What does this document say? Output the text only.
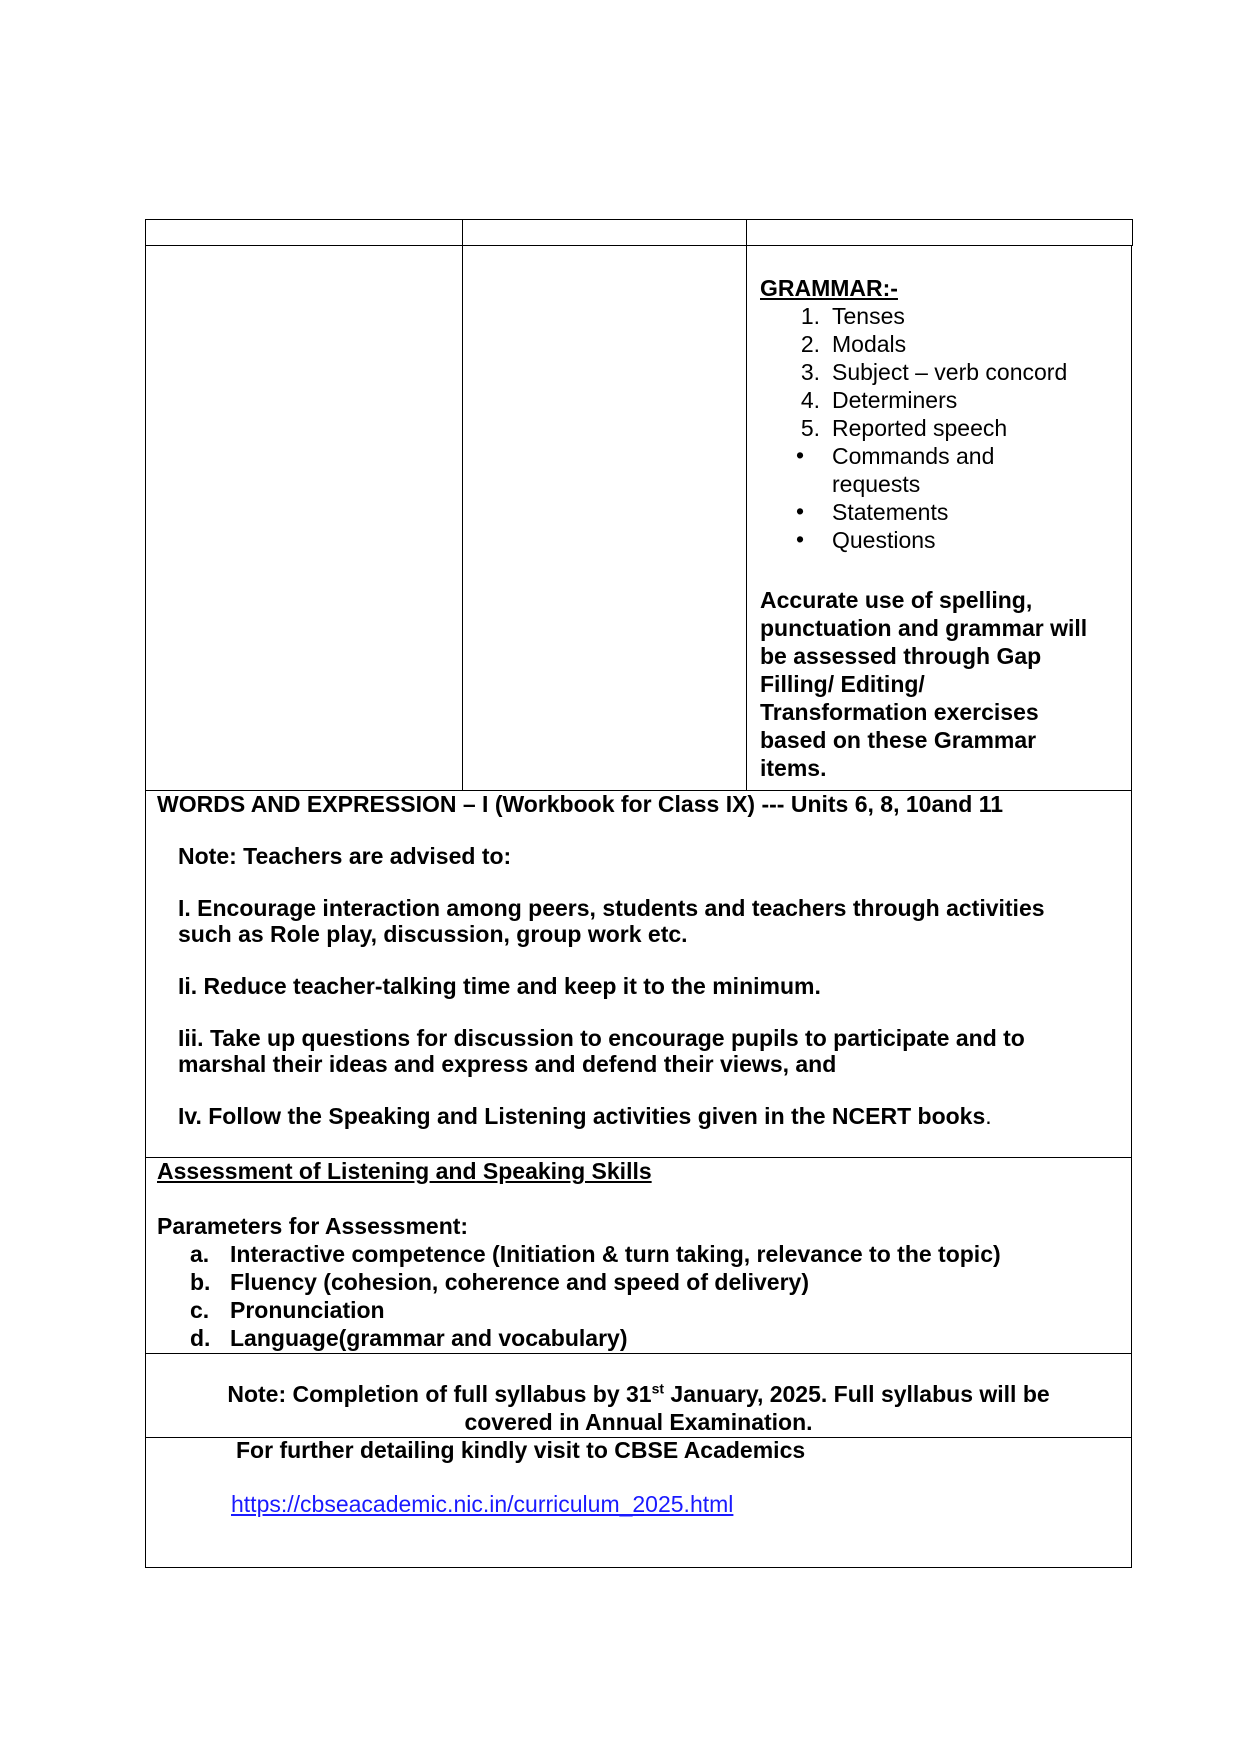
GRAMMAR:-
1. Tenses
2. Modals
3. Subject – verb concord
4. Determiners
5. Reported speech
•	Commands and
requests
•	Statements
•	Questions
Accurate use of spelling,
punctuation and grammar will
be assessed through Gap
Filling/ Editing/
Transformation exercises
based on these Grammar
items.
WORDS AND EXPRESSION – I (Workbook for Class IX) --- Units 6, 8, 10and 11
Note: Teachers are advised to:
I. Encourage interaction among peers, students and teachers through activities
such as Role play, discussion, group work etc.
Ii. Reduce teacher-talking time and keep it to the minimum.
Iii. Take up questions for discussion to encourage pupils to participate and to
marshal their ideas and express and defend their views, and
Iv. Follow the Speaking and Listening activities given in the NCERT books.
Assessment of Listening and Speaking Skills
Parameters for Assessment:
a. Interactive competence (Initiation & turn taking, relevance to the topic)
b. Fluency (cohesion, coherence and speed of delivery)
c. Pronunciation
d. Language(grammar and vocabulary)
Note: Completion of full syllabus by 31st January, 2025. Full syllabus will be
covered in Annual Examination.
For further detailing kindly visit to CBSE Academics
https://cbseacademic.nic.in/curriculum_2025.html
